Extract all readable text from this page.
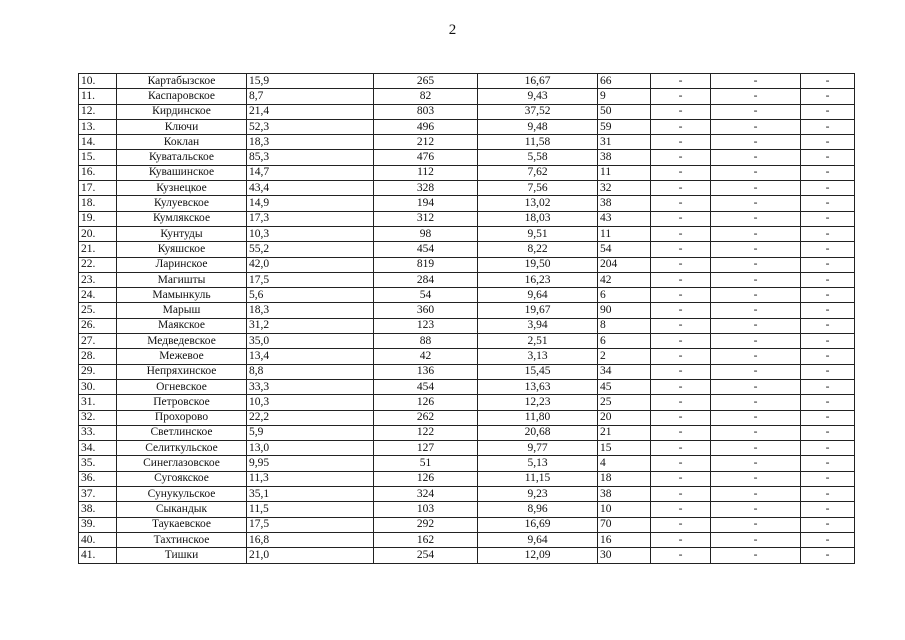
2
10.	Картабызское	15,9	265	16,67	66	-	-	-
11.	Каспаровское	8,7	82	9,43	9	-	-	-
12.	Кирдинское	21,4	803	37,52	50	-	-	-
13.	Ключи	52,3	496	9,48	59	-	-	-
14.	Коклан	18,3	212	11,58	31	-	-	-
15.	Куватальское	85,3	476	5,58	38	-	-	-
16.	Кувашинское	14,7	112	7,62	11	-	-	-
17.	Кузнецкое	43,4	328	7,56	32	-	-	-
18.	Кулуевское	14,9	194	13,02	38	-	-	-
19.	Кумлякское	17,3	312	18,03	43	-	-	-
20.	Кунтуды	10,3	98	9,51	11	-	-	-
21.	Куяшское	55,2	454	8,22	54	-	-	-
22.	Ларинское	42,0	819	19,50	204	-	-	-
23.	Магишты	17,5	284	16,23	42	-	-	-
24.	Мамынкуль	5,6	54	9,64	6	-	-	-
25.	Марыш	18,3	360	19,67	90	-	-	-
26.	Маякское	31,2	123	3,94	8	-	-	-
27.	Медведевское	35,0	88	2,51	6	-	-	-
28.	Межевое	13,4	42	3,13	2	-	-	-
29.	Непряхинское	8,8	136	15,45	34	-	-	-
30.	Огневское	33,3	454	13,63	45	-	-	-
31.	Петровское	10,3	126	12,23	25	-	-	-
32.	Прохорово	22,2	262	11,80	20	-	-	-
33.	Светлинское	5,9	122	20,68	21	-	-	-
34.	Селиткульское	13,0	127	9,77	15	-	-	-
35.	Синеглазовское	9,95	51	5,13	4	-	-	-
36.	Сугоякское	11,3	126	11,15	18	-	-	-
37.	Сунукульское	35,1	324	9,23	38	-	-	-
38.	Сыкандык	11,5	103	8,96	10	-	-	-
39.	Таукаевское	17,5	292	16,69	70	-	-	-
40.	Тахтинское	16,8	162	9,64	16	-	-	-
41.	Тишки	21,0	254	12,09	30	-	-	-
